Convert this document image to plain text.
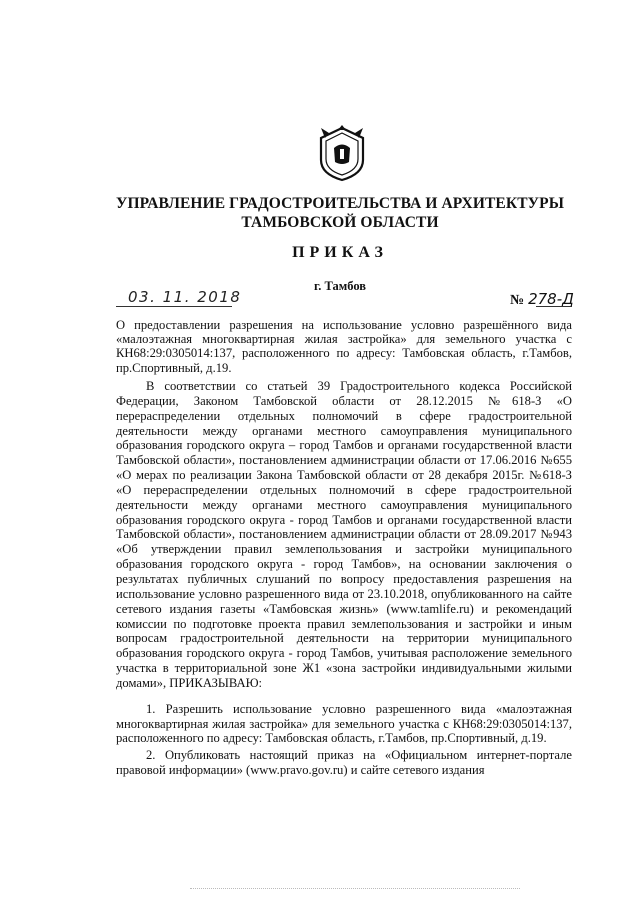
УПРАВЛЕНИЕ ГРАДОСТРОИТЕЛЬСТВА И АРХИТЕКТУРЫ
ТАМБОВСКОЙ ОБЛАСТИ
ПРИКАЗ
г. Тамбов
03. 11. 2018	№ 278-Д
О предоставлении разрешения на использование условно разрешённого вида «малоэтажная многоквартирная жилая застройка» для земельного участка с КН68:29:0305014:137, расположенного по адресу: Тамбовская область, г.Тамбов, пр.Спортивный, д.19.

В соответствии со статьей 39 Градостроительного кодекса Российской Федерации, Законом Тамбовской области от 28.12.2015 №618-З «О перераспределении отдельных полномочий в сфере градостроительной деятельности между органами местного самоуправления муниципального образования городского округа – город Тамбов и органами государственной власти Тамбовской области», постановлением администрации области от 17.06.2016 №655 «О мерах по реализации Закона Тамбовской области от 28 декабря 2015г. №618-З «О перераспределении отдельных полномочий в сфере градостроительной деятельности между органами местного самоуправления муниципального образования городского округа - город Тамбов и органами государственной власти Тамбовской области», постановлением администрации области от 28.09.2017 №943 «Об утверждении правил землепользования и застройки муниципального образования городского округа - город Тамбов», на основании заключения о результатах публичных слушаний по вопросу предоставления разрешения на использование условно разрешенного вида от 23.10.2018, опубликованного на сайте сетевого издания газеты «Тамбовская жизнь» (www.tamlife.ru) и рекомендаций комиссии по подготовке проекта правил землепользования и застройки и иным вопросам градостроительной деятельности на территории муниципального образования городского округа - город Тамбов, учитывая расположение земельного участка в территориальной зоне Ж1 «зона застройки индивидуальными жилыми домами», ПРИКАЗЫВАЮ:

1. Разрешить использование условно разрешенного вида «малоэтажная многоквартирная жилая застройка» для земельного участка с КН68:29:0305014:137, расположенного по адресу: Тамбовская область, г.Тамбов, пр.Спортивный, д.19.

2. Опубликовать настоящий приказ на «Официальном интернет-портале правовой информации» (www.pravo.gov.ru) и сайте сетевого издания
